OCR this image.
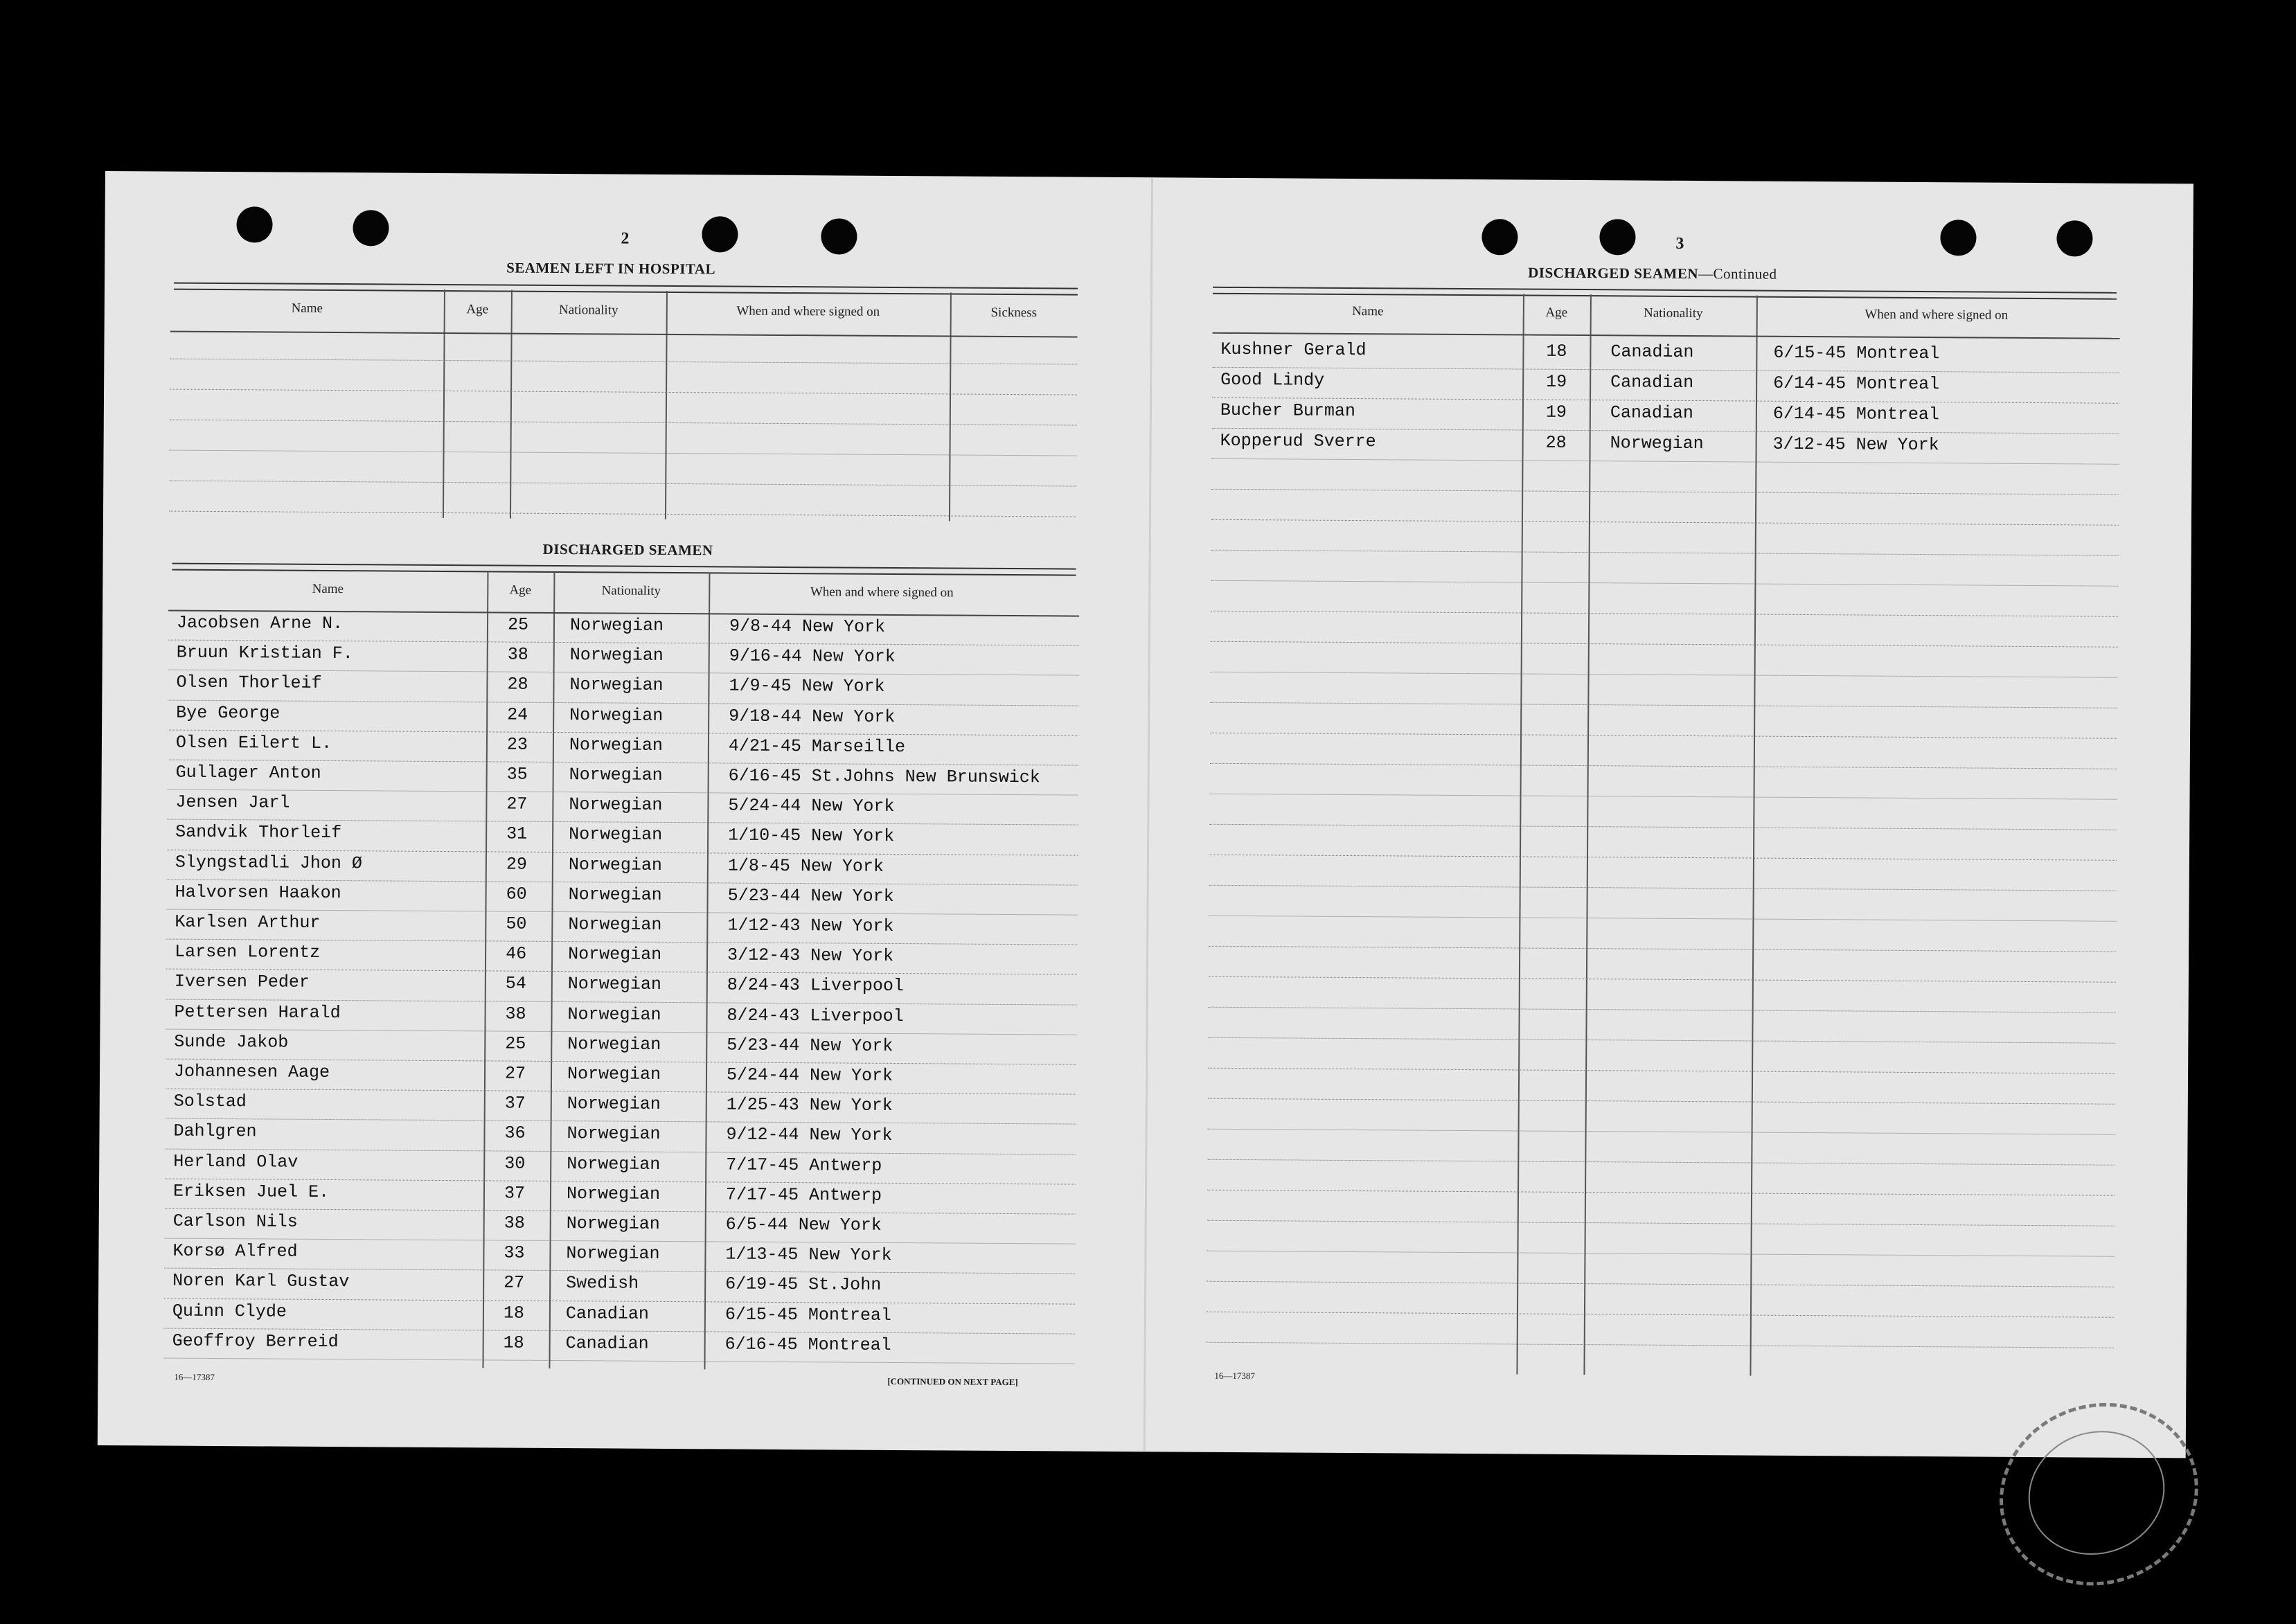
2
SEAMEN LEFT IN HOSPITAL
Name	Age	Nationality	When and where signed on	Sickness
DISCHARGED SEAMEN
Name	Age	Nationality	When and where signed on
Jacobsen Arne N.	25 Norwegian	9/8-44 New York
Bruun Kristian F.	38 Norwegian	9/16-44 New York
Olsen Thorleif	28 Norwegian	1/9-45 New York
Bye George	24 Norwegian	9/18-44 New York
Olsen Eilert L.	23 Norwegian	4/21-45 Marseille
Gullager Anton	35 Norwegian	6/16-45 St.Johns New Brunswick
Jensen Jarl	27 Norwegian	5/24-44 New York
Sandvik Thorleif	31 Norwegian	1/10-45 New York
Slyngstadli Jhon Ø	29 Norwegian	1/8-45 New York
Halvorsen Haakon	60 Norwegian	5/23-44 New York
Karlsen Arthur	50 Norwegian	1/12-43 New York
Larsen Lorentz	46 Norwegian	3/12-43 New York
Iversen Peder	54 Norwegian	8/24-43 Liverpool
Pettersen Harald	38 Norwegian	8/24-43 Liverpool
Sunde Jakob	25 Norwegian	5/23-44 New York
Johannesen Aage	27 Norwegian	5/24-44 New York
Solstad	37 Norwegian	1/25-43 New York
Dahlgren	36 Norwegian	9/12-44 New York
Herland Olav	30 Norwegian	7/17-45 Antwerp
Eriksen Juel E.	37 Norwegian	7/17-45 Antwerp
Carlson Nils	38 Norwegian	6/5-44 New York
Korsø Alfred	33 Norwegian	1/13-45 New York
Noren Karl Gustav	27 Swedish	6/19-45 St.John
Quinn Clyde	18 Canadian	6/15-45 Montreal
Geoffroy Berreid	18 Canadian	6/16-45 Montreal
16—17387	[CONTINUED ON NEXT PAGE]
3
DISCHARGED SEAMEN—Continued
Name	Age	Nationality	When and where signed on
Kushner Gerald	18	Canadian	6/15-45 Montreal
Good Lindy	19	Canadian	6/14-45 Montreal
Bucher Burman	19	Canadian	6/14-45 Montreal
Kopperud Sverre	28	Norwegian	3/12-45 New York
16—17387
